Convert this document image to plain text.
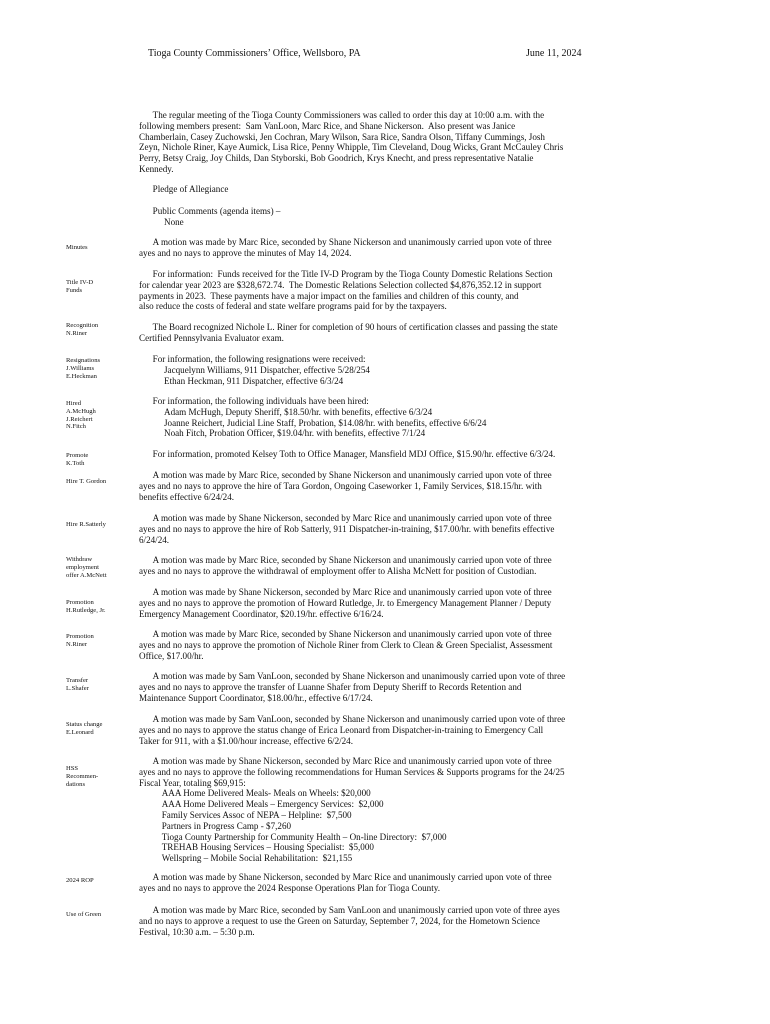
Tioga County Commissioners’ Office, Wellsboro, PA	June 11, 2024
The regular meeting of the Tioga County Commissioners was called to order this day at 10:00 a.m. with the
following members present:  Sam VanLoon, Marc Rice, and Shane Nickerson.  Also present was Janice
Chamberlain, Casey Zuchowski, Jen Cochran, Mary Wilson, Sara Rice, Sandra Olson, Tiffany Cummings, Josh
Zeyn, Nichole Riner, Kaye Aumick, Lisa Rice, Penny Whipple, Tim Cleveland, Doug Wicks, Grant McCauley Chris
Perry, Betsy Craig, Joy Childs, Dan Styborski, Bob Goodrich, Krys Knecht, and press representative Natalie
Kennedy.
Pledge of Allegiance
Public Comments (agenda items) –
None
Minutes
A motion was made by Marc Rice, seconded by Shane Nickerson and unanimously carried upon vote of three
ayes and no nays to approve the minutes of May 14, 2024.
Title IV-D
Funds
For information:  Funds received for the Title IV-D Program by the Tioga County Domestic Relations Section
for calendar year 2023 are $328,672.74.  The Domestic Relations Selection collected $4,876,352.12 in support
payments in 2023.  These payments have a major impact on the families and children of this county, and
also reduce the costs of federal and state welfare programs paid for by the taxpayers.
Recognition
N.Riner
The Board recognized Nichole L. Riner for completion of 90 hours of certification classes and passing the state
Certified Pennsylvania Evaluator exam.
Resignations
J.Williams
E.Heckman
For information, the following resignations were received:
Jacquelynn Williams, 911 Dispatcher, effective 5/28/254
Ethan Heckman, 911 Dispatcher, effective 6/3/24
Hired
A.McHugh
J.Reichert
N.Fitch
For information, the following individuals have been hired:
Adam McHugh, Deputy Sheriff, $18.50/hr. with benefits, effective 6/3/24
Joanne Reichert, Judicial Line Staff, Probation, $14.08/hr. with benefits, effective 6/6/24
Noah Fitch, Probation Officer, $19.04/hr. with benefits, effective 7/1/24
Promote
K.Toth
For information, promoted Kelsey Toth to Office Manager, Mansfield MDJ Office, $15.90/hr. effective 6/3/24.
Hire T. Gordon
A motion was made by Marc Rice, seconded by Shane Nickerson and unanimously carried upon vote of three
ayes and no nays to approve the hire of Tara Gordon, Ongoing Caseworker 1, Family Services, $18.15/hr. with
benefits effective 6/24/24.
Hire R.Satterly
A motion was made by Shane Nickerson, seconded by Marc Rice and unanimously carried upon vote of three
ayes and no nays to approve the hire of Rob Satterly, 911 Dispatcher-in-training, $17.00/hr. with benefits effective
6/24/24.
Withdraw
employment
offer A.McNett
A motion was made by Marc Rice, seconded by Shane Nickerson and unanimously carried upon vote of three
ayes and no nays to approve the withdrawal of employment offer to Alisha McNett for position of Custodian.
Promotion
H.Rutledge, Jr.
A motion was made by Shane Nickerson, seconded by Marc Rice and unanimously carried upon vote of three
ayes and no nays to approve the promotion of Howard Rutledge, Jr. to Emergency Management Planner / Deputy
Emergency Management Coordinator, $20.19/hr. effective 6/16/24.
Promotion
N.Riner
A motion was made by Marc Rice, seconded by Shane Nickerson and unanimously carried upon vote of three
ayes and no nays to approve the promotion of Nichole Riner from Clerk to Clean & Green Specialist, Assessment
Office, $17.00/hr.
Transfer
L.Shafer
A motion was made by Sam VanLoon, seconded by Shane Nickerson and unanimously carried upon vote of three
ayes and no nays to approve the transfer of Luanne Shafer from Deputy Sheriff to Records Retention and
Maintenance Support Coordinator, $18.00/hr., effective 6/17/24.
Status change
E.Leonard
A motion was made by Sam VanLoon, seconded by Shane Nickerson and unanimously carried upon vote of three
ayes and no nays to approve the status change of Erica Leonard from Dispatcher-in-training to Emergency Call
Taker for 911, with a $1.00/hour increase, effective 6/2/24.
HSS
Recommen-
dations
A motion was made by Shane Nickerson, seconded by Marc Rice and unanimously carried upon vote of three
ayes and no nays to approve the following recommendations for Human Services & Supports programs for the 24/25
Fiscal Year, totaling $69,915:
AAA Home Delivered Meals- Meals on Wheels: $20,000
AAA Home Delivered Meals – Emergency Services:  $2,000
Family Services Assoc of NEPA – Helpline:  $7,500
Partners in Progress Camp - $7,260
Tioga County Partnership for Community Health – On-line Directory:  $7,000
TREHAB Housing Services – Housing Specialist:  $5,000
Wellspring – Mobile Social Rehabilitation:  $21,155
2024 ROP	A motion was made by Shane Nickerson, seconded by Marc Rice and unanimously carried upon vote of three
ayes and no nays to approve the 2024 Response Operations Plan for Tioga County.
Use of Green	A motion was made by Marc Rice, seconded by Sam VanLoon and unanimously carried upon vote of three ayes
and no nays to approve a request to use the Green on Saturday, September 7, 2024, for the Hometown Science
Festival, 10:30 a.m. – 5:30 p.m.
